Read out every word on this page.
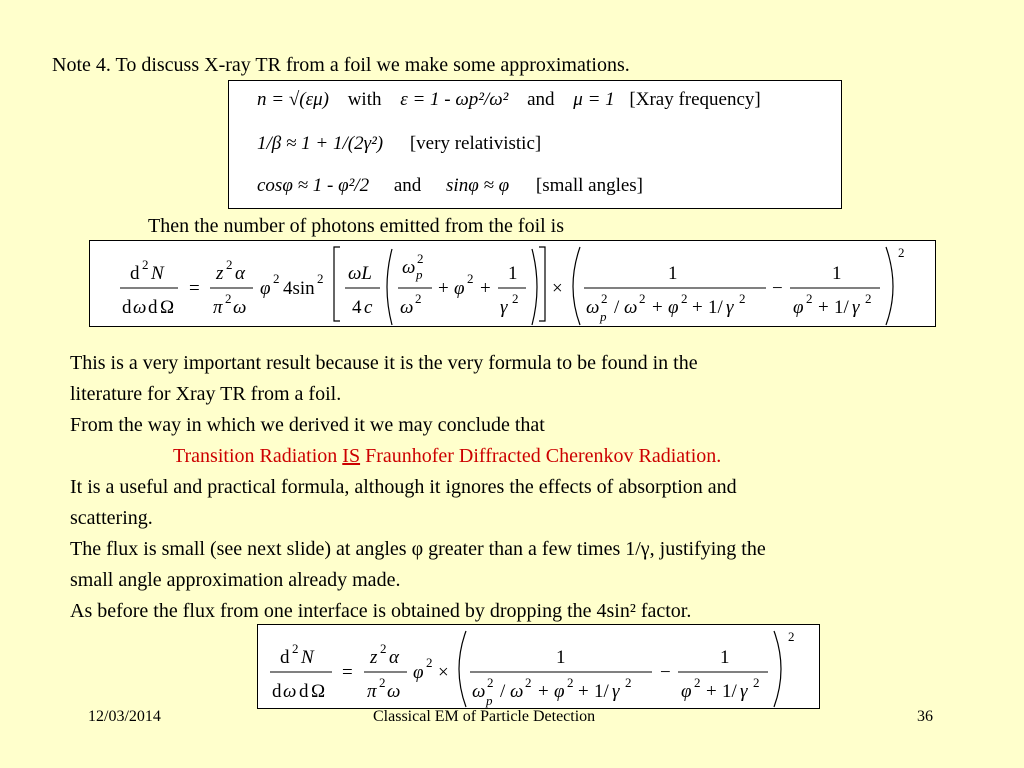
Note 4. To discuss X-ray TR from a foil we make some approximations.
n = √(εμ) with ε = 1 - ωp²/ω² and μ = 1 [Xray frequency]
1/β ≈ 1 + 1/(2γ²) [very relativistic]
cosφ ≈ 1 - φ²/2 and sinφ ≈ φ [small angles]
Then the number of photons emitted from the foil is
d 2 N
d ω d Ω
=
z 2 α
π 2 ω
φ 2 4sin 2 ωL
4 c
ω 2
p
ω 2 + φ 2 +
1
γ 2 ×
1
ω 2
p / ω 2 + φ 2 + 1/ γ 2 −
1
φ 2 + 1/ γ 2
2
This is a very important result because it is the very formula to be found in the
literature for Xray TR from a foil.
From the way in which we derived it we may conclude that
Transition Radiation IS Fraunhofer Diffracted Cherenkov Radiation.
It is a useful and practical formula, although it ignores the effects of absorption and
scattering.
The flux is small (see next slide) at angles φ greater than a few times 1/γ, justifying the
small angle approximation already made.
As before the flux from one interface is obtained by dropping the 4sin² factor.
d 2 N
d ω d Ω
=
z 2 α
π 2 ω
φ 2 ×
1
ω 2
p / ω 2 + φ 2 + 1/ γ 2 −
1
φ 2 + 1/ γ 2
2
12/03/2014	Classical EM of Particle Detection	36
